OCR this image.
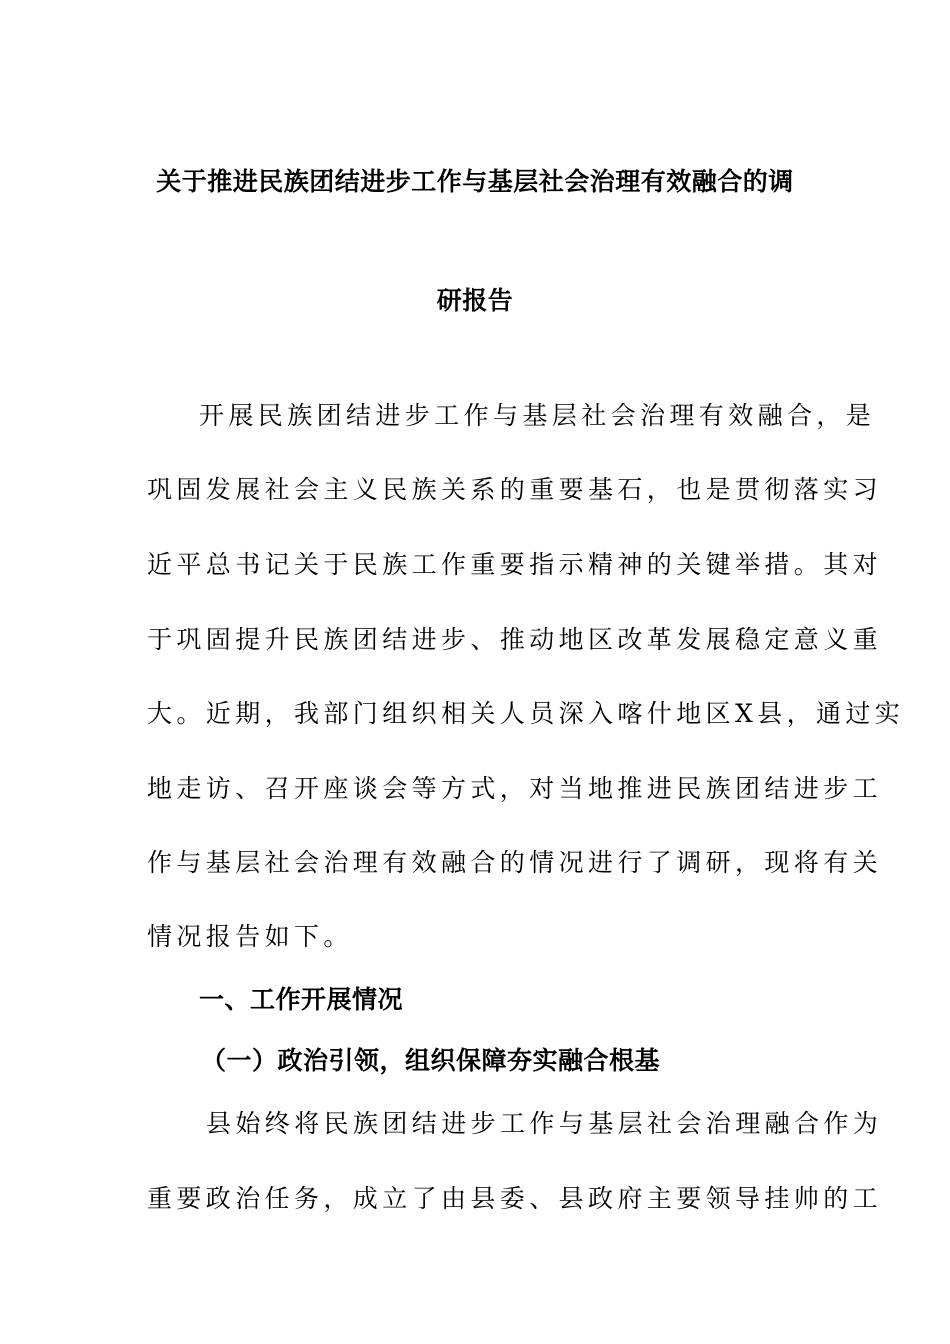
关于推进民族团结进步工作与基层社会治理有效融合的调
研报告
开展民族团结进步工作与基层社会治理有效融合，是
巩固发展社会主义民族关系的重要基石，也是贯彻落实习
近平总书记关于民族工作重要指示精神的关键举措。其对
于巩固提升民族团结进步、推动地区改革发展稳定意义重
大。近期，我部门组织相关人员深入喀什地区X县，通过实
地走访、召开座谈会等方式，对当地推进民族团结进步工
作与基层社会治理有效融合的情况进行了调研，现将有关
情况报告如下。
一、工作开展情况
（一）政治引领，组织保障夯实融合根基
县始终将民族团结进步工作与基层社会治理融合作为
重要政治任务，成立了由县委、县政府主要领导挂帅的工
